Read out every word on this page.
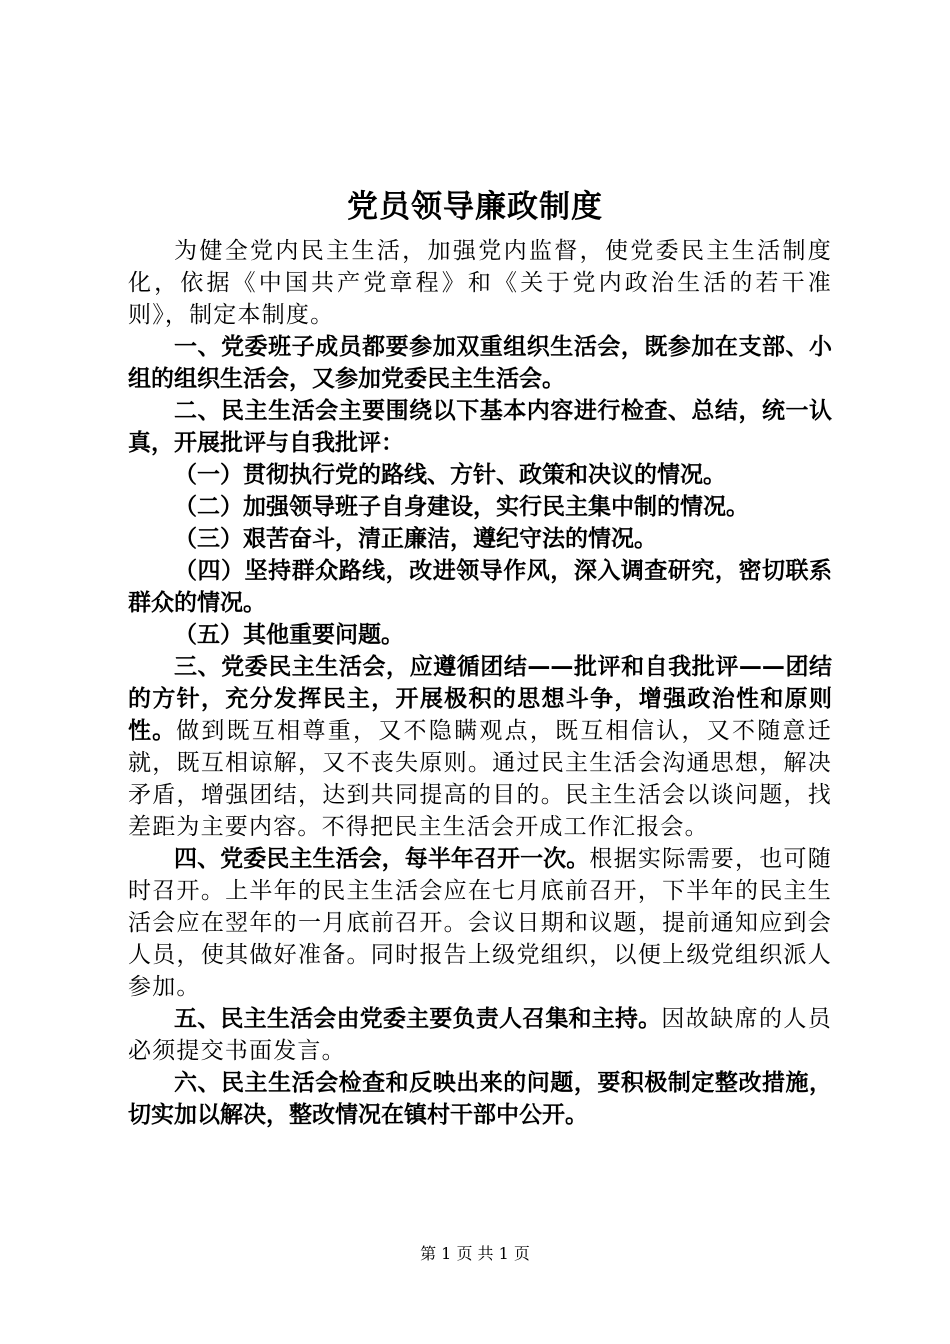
党员领导廉政制度

为健全党内民主生活，加强党内监督，使党委民主生活制度化，依据《中国共产党章程》和《关于党内政治生活的若干准则》，制定本制度。

一、党委班子成员都要参加双重组织生活会，既参加在支部、小组的组织生活会，又参加党委民主生活会。

二、民主生活会主要围绕以下基本内容进行检查、总结，统一认真，开展批评与自我批评：

（一）贯彻执行党的路线、方针、政策和决议的情况。

（二）加强领导班子自身建设，实行民主集中制的情况。

（三）艰苦奋斗，清正廉洁，遵纪守法的情况。

（四）坚持群众路线，改进领导作风，深入调查研究，密切联系群众的情况。

（五）其他重要问题。

三、党委民主生活会，应遵循团结——批评和自我批评——团结的方针，充分发挥民主，开展极积的思想斗争，增强政治性和原则性。做到既互相尊重，又不隐瞒观点，既互相信认，又不随意迁就，既互相谅解，又不丧失原则。通过民主生活会沟通思想，解决矛盾，增强团结，达到共同提高的目的。民主生活会以谈问题，找差距为主要内容。不得把民主生活会开成工作汇报会。

四、党委民主生活会，每半年召开一次。根据实际需要，也可随时召开。上半年的民主生活会应在七月底前召开，下半年的民主生活会应在翌年的一月底前召开。会议日期和议题，提前通知应到会人员，使其做好准备。同时报告上级党组织，以便上级党组织派人参加。

五、民主生活会由党委主要负责人召集和主持。因故缺席的人员必须提交书面发言。

六、民主生活会检查和反映出来的问题，要积极制定整改措施，切实加以解决，整改情况在镇村干部中公开。

第 1 页 共 1 页
